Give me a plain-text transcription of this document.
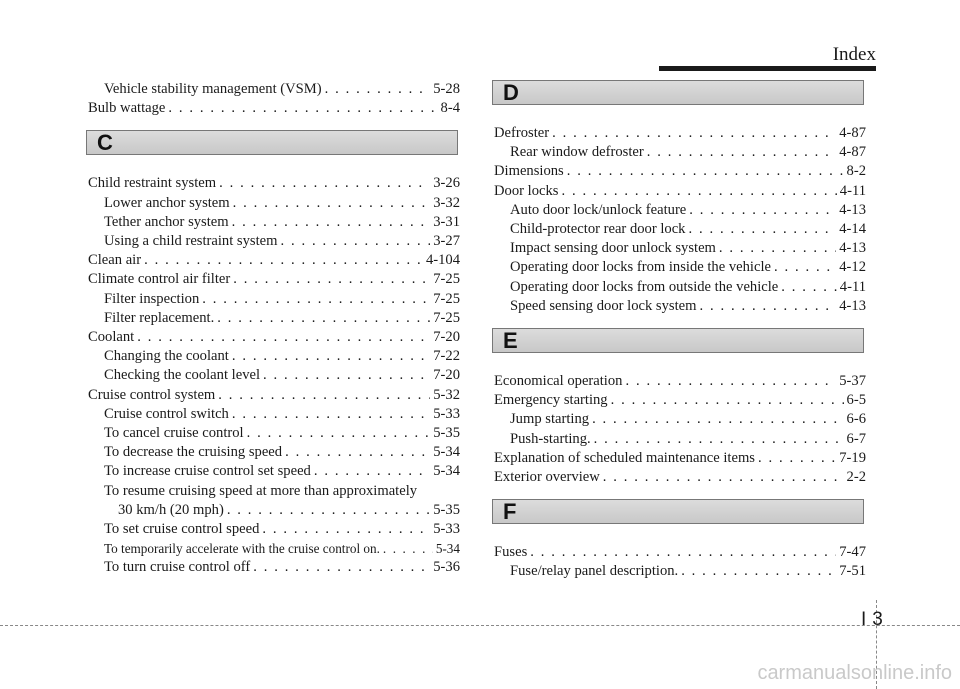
Index
Vehicle stability management (VSM) . . .	5-28
Bulb wattage . . .	8-4
C
Child restraint system . . .	3-26
Lower anchor system . . .	3-32
Tether anchor system . . .	3-31
Using a child restraint system . . .	3-27
Clean air . . .	4-104
Climate control air filter . . .	7-25
Filter inspection . . .	7-25
Filter replacement. . . .	7-25
Coolant . . .	7-20
Changing the coolant . . .	7-22
Checking the coolant level . . .	7-20
Cruise control system . . .	5-32
Cruise control switch . . .	5-33
To cancel cruise control . . .	5-35
To decrease the cruising speed . . .	5-34
To increase cruise control set speed . . .	5-34
To resume cruising speed at more than approximately
30 km/h (20 mph) . . .	5-35
To set cruise control speed . . .	5-33
To temporarily accelerate with the cruise control on. . . .	5-34
To turn cruise control off . . .	5-36
D
Defroster . . .	4-87
Rear window defroster . . .	4-87
Dimensions . . .	8-2
Door locks . . .	4-11
Auto door lock/unlock feature . . .	4-13
Child-protector rear door lock . . .	4-14
Impact sensing door unlock system . . .	4-13
Operating door locks from inside the vehicle . . .	4-12
Operating door locks from outside the vehicle . . .	4-11
Speed sensing door lock system . . .	4-13
E
Economical operation . . .	5-37
Emergency starting . . .	6-5
Jump starting . . .	6-6
Push-starting. . . .	6-7
Explanation of scheduled maintenance items . . .	7-19
Exterior overview . . .	2-2
F
Fuses . . .	7-47
Fuse/relay panel description. . . .	7-51
I 3
carmanualsonline.info
